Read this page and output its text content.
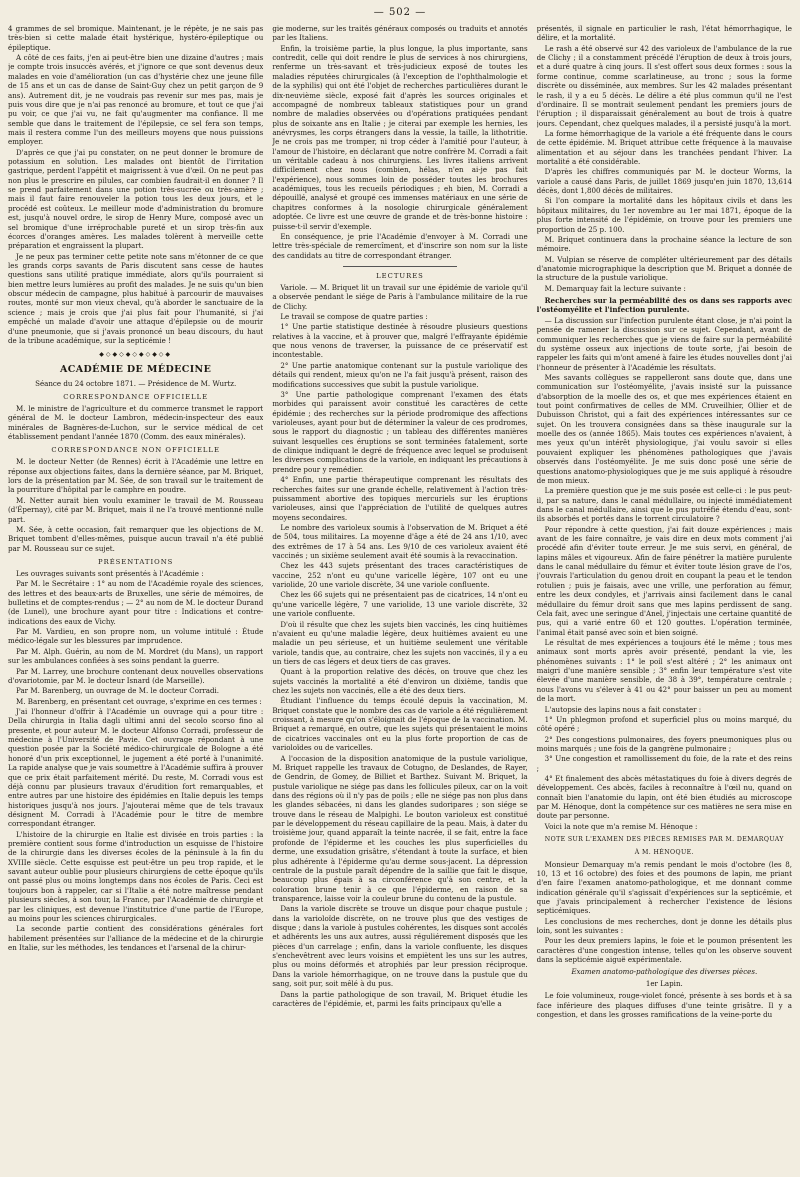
— 502 —

4 grammes de sel bromique. Maintenant, je le répète, je ne sais pas très-bien si cette malade était hystérique, hystéro-épileptique ou épileptique.

A côté de ces faits, j'en ai peut-être bien une dizaine d'autres ; mais je compte trois insuccès avérés, et j'ignore ce que sont devenus deux malades en voie d'amélioration (un cas d'hystérie chez une jeune fille de 15 ans et un cas de danse de Saint-Guy chez un petit garçon de 9 ans). Autrement dit, je ne voudrais pas revenir sur mes pas, mais je puis vous dire que je n'ai pas renoncé au bromure, et tout ce que j'ai pu voir, ce que j'ai vu, ne fait qu'augmenter ma confiance. Il me semble que dans le traitement de l'épilepsie, ce sel fera son temps, mais il restera comme l'un des meilleurs moyens que nous puissions employer.

D'après ce que j'ai pu constater, on ne peut donner le bromure de potassium en solution. Les malades ont bientôt de l'irritation gastrique, perdent l'appétit et maigrissent à vue d'œil. On ne peut pas non plus le prescrire en pilules, car combien faudrait-il en donner ? Il se prend parfaitement dans une potion très-sucrée ou très-amère ; mais il faut faire renouveler la potion tous les deux jours, et le procédé est coûteux. Le meilleur mode d'administration du bromure est, jusqu'à nouvel ordre, le sirop de Henry Mure, composé avec un sel bromique d'une irréprochable pureté et un sirop très-fin aux écorces d'oranges amères. Les malades tolèrent à merveille cette préparation et engraissent la plupart.

Je ne peux pas terminer cette petite note sans m'étonner de ce que les grands corps savants de Paris discutent sans cesse de hautes questions sans utilité pratique immédiate, alors qu'ils pourraient si bien mettre leurs lumières au profit des malades. Je ne suis qu'un bien obscur médecin de campagne, plus habitué à parcourir de mauvaises routes, monté sur mon vieux cheval, qu'à aborder le sanctuaire de la science ; mais je crois que j'ai plus fait pour l'humanité, si j'ai empêché un malade d'avoir une attaque d'épilepsie ou de mourir d'une pneumonie, que si j'avais prononcé un beau discours, du haut de la tribune académique, sur la septicémie !

◆◇◆◇◆◇◆◇◆◇◆
ACADÉMIE DE MÉDECINE
Séance du 24 octobre 1871. — Présidence de M. Wurtz.
CORRESPONDANCE OFFICIELLE

M. le ministre de l'agriculture et du commerce transmet le rapport général de M. le docteur Lambron, médecin-inspecteur des eaux minérales de Bagnères-de-Luchon, sur le service médical de cet établissement pendant l'année 1870 (Comm. des eaux minérales).

CORRESPONDANCE NON OFFICIELLE

M. le docteur Netter (de Rennes) écrit à l'Académie une lettre en réponse aux objections faites, dans la dernière séance, par M. Briquet, lors de la présentation par M. Sée, de son travail sur le traitement de la pourriture d'hôpital par le camphre en poudre.

M. Netter aurait bien voulu examiner le travail de M. Rousseau (d'Épernay), cité par M. Briquet, mais il ne l'a trouvé mentionné nulle part.

M. Sée, à cette occasion, fait remarquer que les objections de M. Briquet tombent d'elles-mêmes, puisque aucun travail n'a été publié par M. Rousseau sur ce sujet.

PRÉSENTATIONS

Les ouvrages suivants sont présentés à l'Académie :

Par M. le Secrétaire : 1° au nom de l'Académie royale des sciences, des lettres et des beaux-arts de Bruxelles, une série de mémoires, de bulletins et de comptes-rendus ; — 2° au nom de M. le docteur Durand (de Lunel), une brochure ayant pour titre : Indications et contre-indications des eaux de Vichy.

Par M. Vardieu, en son propre nom, un volume intitulé : Étude médico-légale sur les blessures par imprudence.

Par M. Alph. Guérin, au nom de M. Mordret (du Mans), un rapport sur les ambulances confiées à ses soins pendant la guerre.

Par M. Larrey, une brochure contenant deux nouvelles observations d'ovariotomie, par M. le docteur Isnard (de Marseille).

Par M. Barenberg, un ouvrage de M. le docteur Corradi.

M. Barenberg, en présentant cet ouvrage, s'exprime en ces termes :

J'ai l'honneur d'offrir à l'Académie un ouvrage qui a pour titre : Della chirurgia in Italia dagli ultimi anni del secolo scorso fino al presente, et pour auteur M. le docteur Alfonso Corradi, professeur de médecine à l'Université de Pavie. Cet ouvrage répondant à une question posée par la Société médico-chirurgicale de Bologne a été honoré d'un prix exceptionnel, le jugement a été porté à l'unanimité. La rapide analyse que je vais soumettre à l'Académie suffira à prouver que ce prix était parfaitement mérité. Du reste, M. Corradi vous est déjà connu par plusieurs travaux d'érudition fort remarquables, et entre autres par une histoire des épidémies en Italie depuis les temps historiques jusqu'à nos jours. J'ajouterai même que de tels travaux désignent M. Corradi à l'Académie pour le titre de membre correspondant étranger.

L'histoire de la chirurgie en Italie est divisée en trois parties : la première contient sous forme d'introduction un esquisse de l'histoire de la chirurgie dans les diverses écoles de la péninsule à la fin du XVIIIe siècle. Cette esquisse est peut-être un peu trop rapide, et le savant auteur oublie pour plusieurs chirurgiens de cette époque qu'ils ont passé plus ou moins longtemps dans nos écoles de Paris. Ceci est toujours bon à rappeler, car si l'Italie a été notre maîtresse pendant plusieurs siècles, à son tour, la France, par l'Académie de chirurgie et par les cliniques, est devenue l'institutrice d'une partie de l'Europe, au moins pour les sciences chirurgicales.

La seconde partie contient des considérations générales fort habilement présentées sur l'alliance de la médecine et de la chirurgie en Italie, sur les méthodes, les tendances et l'arsenal de la chirur-

gie moderne, sur les traités généraux composés ou traduits et annotés par les Italiens.

Enfin, la troisième partie, la plus longue, la plus importante, sans contredit, celle qui doit rendre le plus de services à nos chirurgiens, renferme un très-savant et très-judicieux exposé de toutes les maladies réputées chirurgicales (à l'exception de l'ophthalmologie et de la syphilis) qui ont été l'objet de recherches particulières durant le dix-neuvième siècle, exposé fait d'après les sources originales et accompagné de nombreux tableaux statistiques pour un grand nombre de maladies observées ou d'opérations pratiquées pendant plus de soixante ans en Italie ; je citerai par exemple les hernies, les anévrysmes, les corps étrangers dans la vessie, la taille, la lithotritie. Je ne crois pas me tromper, ni trop céder à l'amitié pour l'auteur, à l'amour de l'histoire, en déclarant que notre confrère M. Corradi a fait un véritable cadeau à nos chirurgiens. Les livres italiens arrivent difficilement chez nous (combien, hélas, n'en ai-je pas fait l'expérience), nous sommes loin de posséder toutes les brochures académiques, tous les recueils périodiques ; eh bien, M. Corradi a dépouillé, analysé et groupé ces immenses matériaux en une série de chapitres conformes à la nosologie chirurgicale généralement adoptée. Ce livre est une œuvre de grande et de très-bonne histoire : puisse-t-il servir d'exemple.

En conséquence, je prie l'Académie d'envoyer à M. Corradi une lettre très-spéciale de remercîment, et d'inscrire son nom sur la liste des candidats au titre de correspondant étranger.

LECTURES

Variole. — M. Briquet lit un travail sur une épidémie de variole qu'il a observée pendant le siége de Paris à l'ambulance militaire de la rue de Clichy.

Le travail se compose de quatre parties :

1° Une partie statistique destinée à résoudre plusieurs questions relatives à la vaccine, et à prouver que, malgré l'effrayante épidémie que nous venons de traverser, la puissance de ce préservatif est incontestable.

2° Une partie anatomique contenant sur la pustule variolique des détails qui rendent, mieux qu'on ne l'a fait jusqu'à présent, raison des modifications successives que subit la pustule variolique.

3° Une partie pathologique comprenant l'examen des états morbides qui paraissent avoir constitué les caractères de cette épidémie ; des recherches sur la période prodromique des affections varioleuses, ayant pour but de déterminer la valeur de ces prodromes, sous le rapport du diagnostic ; un tableau des différentes manières suivant lesquelles ces éruptions se sont terminées fatalement, sorte de clinique indiquant le degré de fréquence avec lequel se produisent les diverses complications de la variole, en indiquant les précautions à prendre pour y remédier.

4° Enfin, une partie thérapeutique comprenant les résultats des recherches faites sur une grande échelle, relativement à l'action très-puissamment abortive des topiques mercuriels sur les éruptions varioleuses, ainsi que l'appréciation de l'utilité de quelques autres moyens secondaires.

Le nombre des varioleux soumis à l'observation de M. Briquet a été de 504, tous militaires. La moyenne d'âge a été de 24 ans 1/10, avec des extrêmes de 17 à 54 ans. Les 9/10 de ces varioleux avaient été vaccinés ; un sixième seulement avait été soumis à la revaccination.

Chez les 443 sujets présentant des traces caractéristiques de vaccine, 252 n'ont eu qu'une varicelle légère, 107 ont eu une variolide, 20 une variole discrète, 34 une variole confluente.

Chez les 66 sujets qui ne présentaient pas de cicatrices, 14 n'ont eu qu'une varicelle légère, 7 une variolide, 13 une variole discrète, 32 une variole confluente.

D'où il résulte que chez les sujets bien vaccinés, les cinq huitièmes n'avaient eu qu'une maladie légère, deux huitièmes avaient eu une maladie un peu sérieuse, et un huitième seulement une véritable variole, tandis que, au contraire, chez les sujets non vaccinés, il y a eu un tiers de cas légers et deux tiers de cas graves.

Quant à la proportion relative des décès, on trouve que chez les sujets vaccinés la mortalité a été d'environ un dixième, tandis que chez les sujets non vaccinés, elle a été des deux tiers.

Étudiant l'influence du temps écoulé depuis la vaccination, M. Briquet constate que le nombre des cas de variole a été régulièrement croissant, à mesure qu'on s'éloignait de l'époque de la vaccination. M. Briquet a remarqué, en outre, que les sujets qui présentaient le moins de cicatrices vaccinales ont eu la plus forte proportion de cas de varioloïdes ou de varicelles.

A l'occasion de la disposition anatomique de la pustule variolique, M. Briquet rappelle les travaux de Cotugno, de Deslandes, de Rayer, de Gendrin, de Gomey, de Billiet et Barthez. Suivant M. Briquet, la pustule variolique ne siége pas dans les follicules pileux, car on la voit dans des régions où il n'y pas de poils ; elle ne siége pas non plus dans les glandes sébacées, ni dans les glandes sudoripares ; son siége se trouve dans le réseau de Malpighi. Le bouton varioleux est constitué par le développement du réseau capillaire de la peau. Mais, à dater du troisième jour, quand apparaît la teinte nacrée, il se fait, entre la face profonde de l'épiderme et les couches les plus superficielles du derme, une exsudation grisâtre, s'étendant à toute la surface, et bien plus adhérente à l'épiderme qu'au derme sous-jacent. La dépression centrale de la pustule paraît dépendre de la saillie que fait le disque, beaucoup plus épais à sa circonférence qu'à son centre, et la coloration brune tenir à ce que l'épiderme, en raison de sa transparence, laisse voir la couleur brune du contenu de la pustule.

Dans la variole discrète se trouve un disque pour chaque pustule ; dans la varioloïde discrète, on ne trouve plus que des vestiges de disque ; dans la variole à pustules cohérentes, les disques sont accolés et adhérents les uns aux autres, aussi réguliérement disposés que les pièces d'un carrelage ; enfin, dans la variole confluente, les disques s'enchevêtrent avec leurs voisins et empiètent les uns sur les autres, plus ou moins déformés et atrophiés par leur pression réciproque. Dans la variole hémorrhagique, on ne trouve dans la pustule que du sang, soit pur, soit mêlé à du pus.

Dans la partie pathologique de son travail, M. Briquet étudie les caractères de l'épidémie, et, parmi les faits principaux qu'elle a

présentés, il signale en particulier le rash, l'état hémorrhagique, le délire, et la mortalité.

Le rash a été observé sur 42 des varioleux de l'ambulance de la rue de Clichy ; il a constamment précédé l'éruption de deux à trois jours, et a duré quatre à cinq jours. Il s'est offert sous deux formes : sous la forme continue, comme scarlatineuse, au tronc ; sous la forme discrète ou disséminée, aux membres. Sur les 42 malades présentant le rash, il y a eu 5 décès. Le délire a été plus commun qu'il ne l'est d'ordinaire. Il se montrait seulement pendant les premiers jours de l'éruption ; il disparaissait généralement au bout de trois à quatre jours. Cependant, chez quelques malades, il a persisté jusqu'à la mort.

La forme hémorrhagique de la variole a été fréquente dans le cours de cette épidémie. M. Briquet attribue cette fréquence à la mauvaise alimentation et au séjour dans les tranchées pendant l'hiver. La mortalité a été considérable.

D'après les chiffres communiqués par M. le docteur Worms, la variole a causé dans Paris, de juillet 1869 jusqu'en juin 1870, 13,614 décès, dont 1,800 décès de militaires.

Si l'on compare la mortalité dans les hôpitaux civils et dans les hôpitaux militaires, du 1er novembre au 1er mai 1871, époque de la plus forte intensité de l'épidémie, on trouve pour les premiers une proportion de 25 p. 100.

M. Briquet continuera dans la prochaine séance la lecture de son mémoire.

M. Vulpian se réserve de compléter ultérieurement par des détails d'anatomie micrographique la description que M. Briquet a donnée de la structure de la pustule variolique.

M. Demarquay fait la lecture suivante :

Recherches sur la perméabilité des os dans ses rapports avec l'ostéomyélite et l'infection purulente.

— La discussion sur l'infection purulente étant close, je n'ai point la pensée de ramener la discussion sur ce sujet. Cependant, avant de communiquer les recherches que je viens de faire sur la perméabilité du système osseux aux injections de toute sorte, j'ai besoin de rappeler les faits qui m'ont amené à faire les études nouvelles dont j'ai l'honneur de présenter à l'Académie les résultats.

Mes savants collègues se rappelleront sans doute que, dans une communication sur l'ostéomyélite, j'avais insisté sur la puissance d'absorption de la moelle des os, et que mes expériences étaient en tout point confirmatives de celles de MM. Cruveilhier, Ollier et de Dubuisson Christot, qui a fait des expériences intéressantes sur ce sujet. On les trouvera consignées dans sa thèse inaugurale sur la moelle des os (année 1865). Mais toutes ces expériences n'avaient, à mes yeux qu'un intérêt physiologique, j'ai voulu savoir si elles pouvaient expliquer les phénomènes pathologiques que j'avais observés dans l'ostéomyélite. Je me suis donc posé une série de questions anatomo-physiologiques que je me suis appliqué à résoudre de mon mieux.

La première question que je me suis posée est celle-ci : le pus peut-il, par sa nature, dans le canal médullaire, ou injecté immédiatement dans le canal médullaire, ainsi que le pus putréfié étendu d'eau, sont-ils absorbés et portés dans le torrent circulatoire ?

Pour répondre à cette question, j'ai fait douze expériences ; mais avant de les faire connaître, je vais dire en deux mots comment j'ai procédé afin d'éviter toute erreur. Je me suis servi, en général, de lapins mâles et vigoureux. Afin de faire pénétrer la matière purulente dans le canal médullaire du fémur et éviter toute lésion grave de l'os, j'ouvrais l'articulation du genou droit en coupant la peau et le tendon rotulien ; puis je faisais, avec une vrille, une perforation au fémur, entre les deux condyles, et j'arrivais ainsi facilement dans le canal médullaire du fémur droit sans que mes lapins perdissent de sang. Cela fait, avec une seringue d'Anel, j'injectais une certaine quantité de pus, qui a varié entre 60 et 120 gouttes. L'opération terminée, l'animal était pansé avec soin et bien soigné.

Le résultat de mes expériences a toujours été le même ; tous mes animaux sont morts après avoir présenté, pendant la vie, les phénomènes suivants : 1° le poil s'est altéré ; 2° les animaux ont maigri d'une manière sensible ; 3° enfin leur température s'est vite élevée d'une manière sensible, de 38 à 39°, température centrale ; nous l'avons vu s'élever à 41 ou 42° pour baisser un peu au moment de la mort.

L'autopsie des lapins nous a fait constater :

1° Un phlegmon profond et superficiel plus ou moins marqué, du côté opéré ;

2° Des congestions pulmonaires, des foyers pneumoniques plus ou moins marqués ; une fois de la gangrène pulmonaire ;

3° Une congestion et ramollissement du foie, de la rate et des reins ;

4° Et finalement des abcès métastatiques du foie à divers degrés de développement. Ces abcès, faciles à reconnaître à l'œil nu, quand on connaît bien l'anatomie du lapin, ont été bien étudiés au microscope par M. Hénoque, dont la compétence sur ces matières ne sera mise en doute par personne.

Voici la note que m'a remise M. Hénoque :

NOTE SUR L'EXAMEN DES PIÈCES REMISES PAR M. DEMARQUAY
À M. HÉNOQUE.

Monsieur Demarquay m'a remis pendant le mois d'octobre (les 8, 10, 13 et 16 octobre) des foies et des poumons de lapin, me priant d'en faire l'examen anatomo-pathologique, et me donnant comme indication générale qu'il s'agissait d'expériences sur la septicémie, et que j'avais principalement à rechercher l'existence de lésions septicémiques.

Les conclusions de mes recherches, dont je donne les détails plus loin, sont les suivantes :

Pour les deux premiers lapins, le foie et le poumon présentent les caractères d'une congestion intense, telles qu'on les observe souvent dans la septicémie aiguë expérimentale.

Examen anatomo-pathologique des diverses pièces.
1er Lapin.

Le foie volumineux, rouge-violet foncé, présente à ses bords et à sa face inférieure des plaques diffuses d'une teinte grisâtre. Il y a congestion, et dans les grosses ramifications de la veine-porte du
